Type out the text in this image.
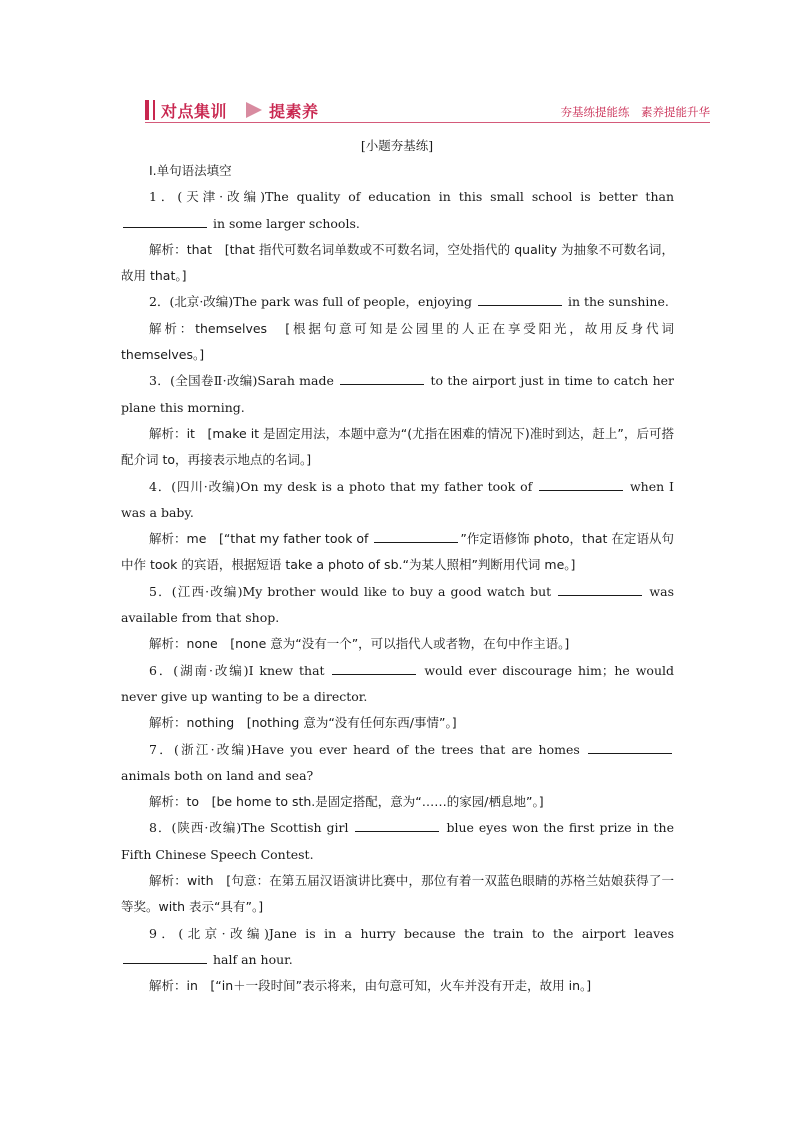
对点集训	提素养	夯基练提能练　素养提能升华
[小题夯基练]

Ⅰ.单句语法填空

1．(天津·改编)The quality of education in this small school is better than  in some larger schools.

解析：that　[that 指代可数名词单数或不可数名词，空处指代的 quality 为抽象不可数名词，故用 that。]

2．(北京·改编)The park was full of people，enjoying	in the sunshine.

解析：themselves　[根据句意可知是公园里的人正在享受阳光，故用反身代词 themselves。]

3．(全国卷Ⅱ·改编)Sarah made	to the airport just in time to catch her plane this morning.

解析：it　[make it 是固定用法，本题中意为“(尤指在困难的情况下)准时到达，赶上”，后可搭配介词 to，再接表示地点的名词。]

4．(四川·改编)On my desk is a photo that my father took of	when I was a baby.

解析：me　[“that my father took of	”作定语修饰 photo，that 在定语从句中作 took 的宾语，根据短语 take a photo of sb.“为某人照相”判断用代词 me。]

5．(江西·改编)My brother would like to buy a good watch but	was available from that shop.

解析：none　[none 意为“没有一个”，可以指代人或者物，在句中作主语。]

6．(湖南·改编)I knew that	would ever discourage him；he would never give up wanting to be a director.

解析：nothing　[nothing 意为“没有任何东西/事情”。]

7．(浙江·改编)Have you ever heard of the trees that are homes  animals both on land and sea?

解析：to　[be home to sth.是固定搭配，意为“……的家园/栖息地”。]

8．(陕西·改编)The Scottish girl	blue eyes won the first prize in the Fifth Chinese Speech Contest.

解析：with　[句意：在第五届汉语演讲比赛中，那位有着一双蓝色眼睛的苏格兰姑娘获得了一等奖。with 表示“具有”。]

9．(北京·改编)Jane is in a hurry because the train to the airport leaves  half an hour.

解析：in　[“in＋一段时间”表示将来，由句意可知，火车并没有开走，故用 in。]
